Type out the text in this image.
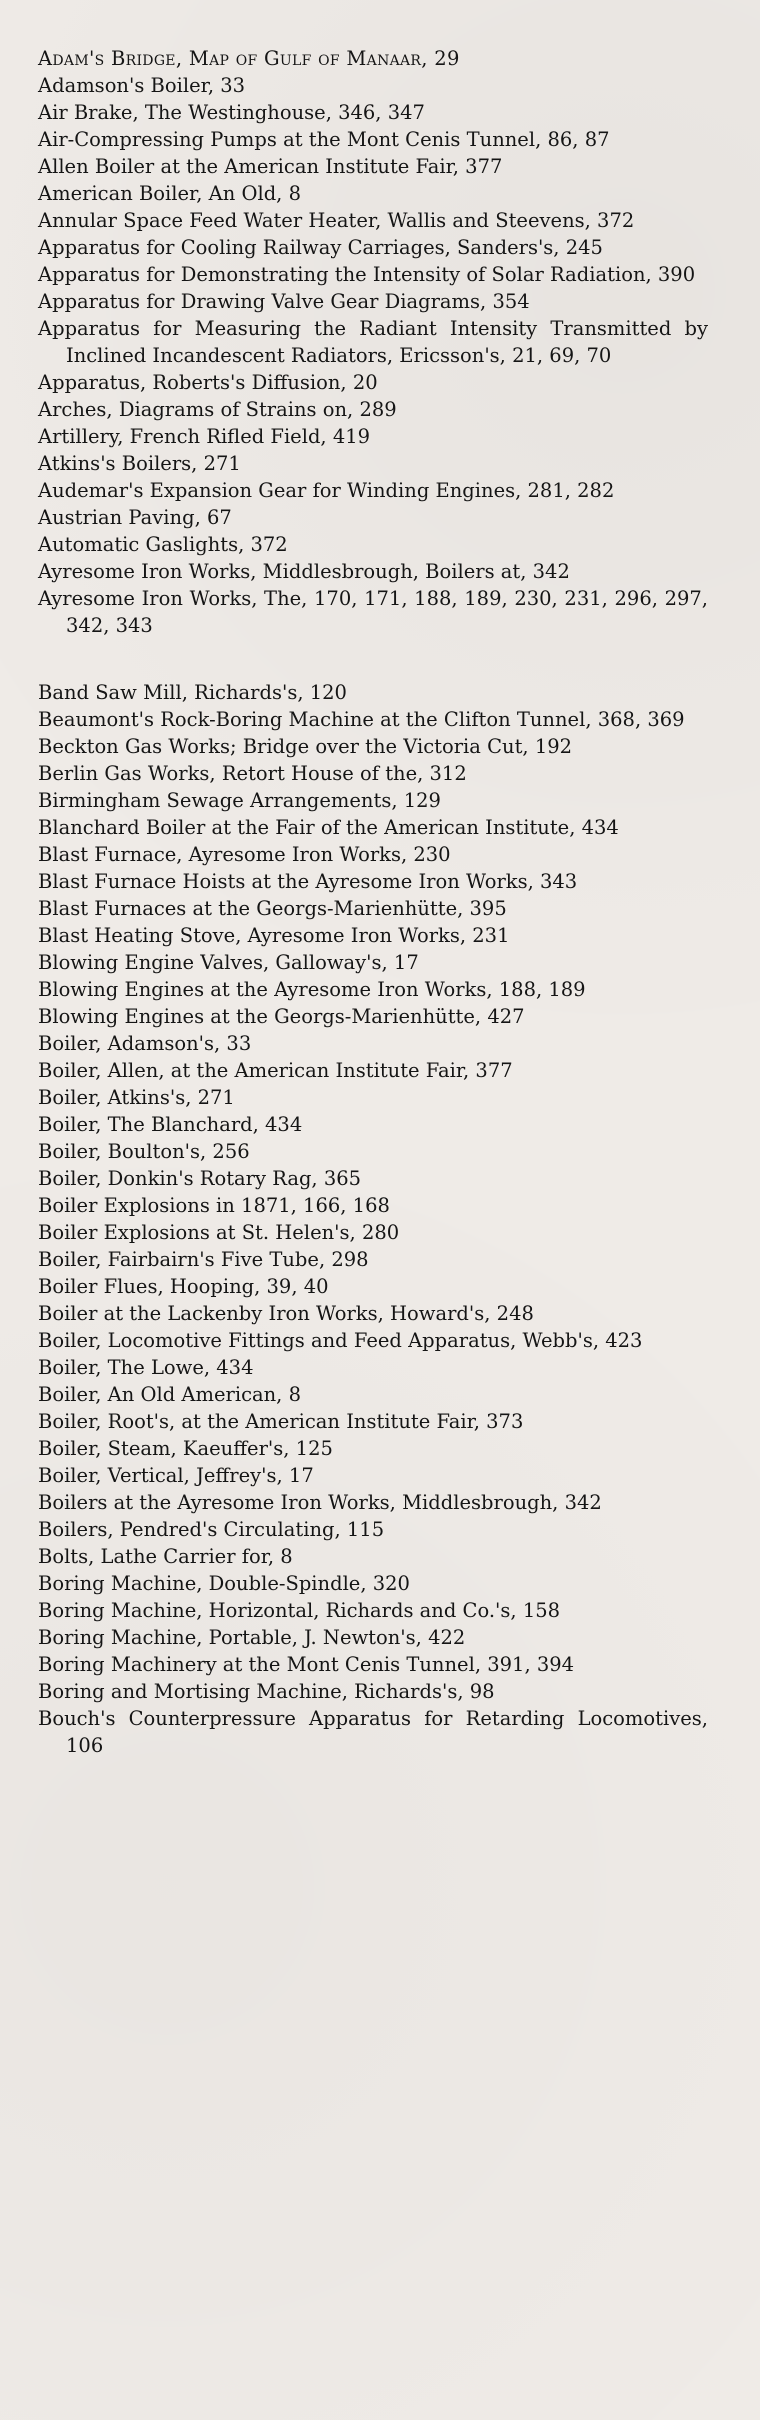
Adam's Bridge, Map of Gulf of Manaar, 29
Adamson's Boiler, 33
Air Brake, The Westinghouse, 346, 347
Air-Compressing Pumps at the Mont Cenis Tunnel, 86, 87
Allen Boiler at the American Institute Fair, 377
American Boiler, An Old, 8
Annular Space Feed Water Heater, Wallis and Steevens, 372
Apparatus for Cooling Railway Carriages, Sanders's, 245
Apparatus for Demonstrating the Intensity of Solar Radiation, 390
Apparatus for Drawing Valve Gear Diagrams, 354
Apparatus for Measuring the Radiant Intensity Transmitted by Inclined Incandescent Radiators, Ericsson's, 21, 69, 70
Apparatus, Roberts's Diffusion, 20
Arches, Diagrams of Strains on, 289
Artillery, French Rifled Field, 419
Atkins's Boilers, 271
Audemar's Expansion Gear for Winding Engines, 281, 282
Austrian Paving, 67
Automatic Gaslights, 372
Ayresome Iron Works, Middlesbrough, Boilers at, 342
Ayresome Iron Works, The, 170, 171, 188, 189, 230, 231, 296, 297, 342, 343
Band Saw Mill, Richards's, 120
Beaumont's Rock-Boring Machine at the Clifton Tunnel, 368, 369
Beckton Gas Works; Bridge over the Victoria Cut, 192
Berlin Gas Works, Retort House of the, 312
Birmingham Sewage Arrangements, 129
Blanchard Boiler at the Fair of the American Institute, 434
Blast Furnace, Ayresome Iron Works, 230
Blast Furnace Hoists at the Ayresome Iron Works, 343
Blast Furnaces at the Georgs-Marienhütte, 395
Blast Heating Stove, Ayresome Iron Works, 231
Blowing Engine Valves, Galloway's, 17
Blowing Engines at the Ayresome Iron Works, 188, 189
Blowing Engines at the Georgs-Marienhütte, 427
Boiler, Adamson's, 33
Boiler, Allen, at the American Institute Fair, 377
Boiler, Atkins's, 271
Boiler, The Blanchard, 434
Boiler, Boulton's, 256
Boiler, Donkin's Rotary Rag, 365
Boiler Explosions in 1871, 166, 168
Boiler Explosions at St. Helen's, 280
Boiler, Fairbairn's Five Tube, 298
Boiler Flues, Hooping, 39, 40
Boiler at the Lackenby Iron Works, Howard's, 248
Boiler, Locomotive Fittings and Feed Apparatus, Webb's, 423
Boiler, The Lowe, 434
Boiler, An Old American, 8
Boiler, Root's, at the American Institute Fair, 373
Boiler, Steam, Kaeuffer's, 125
Boiler, Vertical, Jeffrey's, 17
Boilers at the Ayresome Iron Works, Middlesbrough, 342
Boilers, Pendred's Circulating, 115
Bolts, Lathe Carrier for, 8
Boring Machine, Double-Spindle, 320
Boring Machine, Horizontal, Richards and Co.'s, 158
Boring Machine, Portable, J. Newton's, 422
Boring Machinery at the Mont Cenis Tunnel, 391, 394
Boring and Mortising Machine, Richards's, 98
Bouch's Counterpressure Apparatus for Retarding Locomotives, 106
